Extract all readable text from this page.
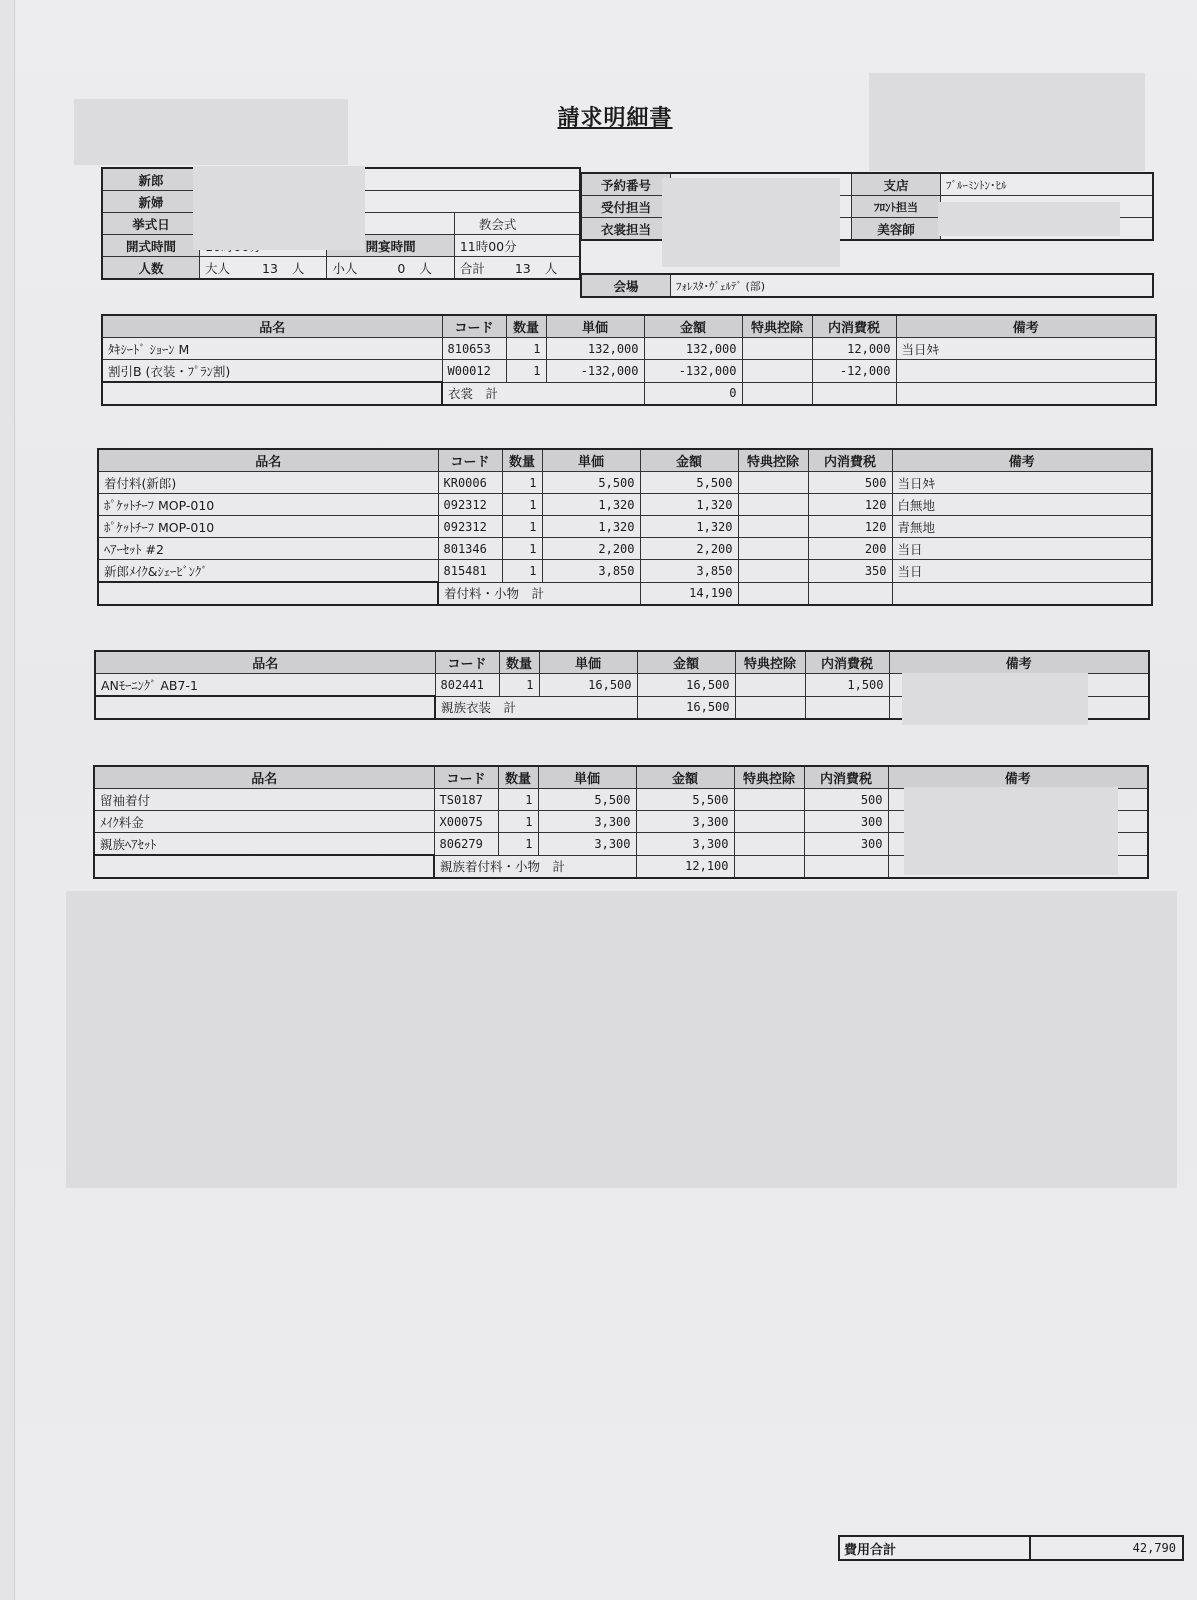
請求明細書
新郎			
新婦			
挙式日			教会式
開式時間		開宴時間	11時00分
人数	大人 13 人	小人 0 人	合計 13 人
予約番号		支店	ﾌﾞﾙｰﾐﾝﾄﾝ･ﾋﾙ
受付担当		ﾌﾛﾝﾄ担当	
衣裳担当		美容師	
会場	ﾌｫﾚｽﾀ･ｳﾞｪﾙﾃﾞ (部)
品名	コード	数量	単価	金額	特典控除	内消費税	備考
ﾀｷｼｰﾄﾞ ｼｮｰﾝ M	810653	1	132,000	132,000		12,000	当日ﾀｷ
割引B (衣装・ﾌﾟﾗﾝ割)	W00012	1	-132,000	-132,000		-12,000	
	衣裳　計			0			
品名	コード	数量	単価	金額	特典控除	内消費税	備考
着付料(新郎)	KR0006	1	5,500	5,500		500	当日ﾀｷ
ﾎﾟｹｯﾄﾁｰﾌ MOP-010	092312	1	1,320	1,320		120	白無地
ﾎﾟｹｯﾄﾁｰﾌ MOP-010	092312	1	1,320	1,320		120	青無地
ﾍｱｰｾｯﾄ #2	801346	1	2,200	2,200		200	当日
新郎ﾒｲｸ&ｼｪｰﾋﾞﾝｸﾞ	815481	1	3,850	3,850		350	当日
	着付料・小物　計			14,190			
品名	コード	数量	単価	金額	特典控除	内消費税	備考
ANﾓｰﾆﾝｸﾞ AB7-1	802441	1	16,500	16,500		1,500	
	親族衣装　計			16,500			
品名	コード	数量	単価	金額	特典控除	内消費税	備考
留袖着付	TS0187	1	5,500	5,500		500	
ﾒｲｸ料金	X00075	1	3,300	3,300		300	
親族ﾍｱｾｯﾄ	806279	1	3,300	3,300		300	
	親族着付料・小物　計			12,100			
費用合計	42,790
